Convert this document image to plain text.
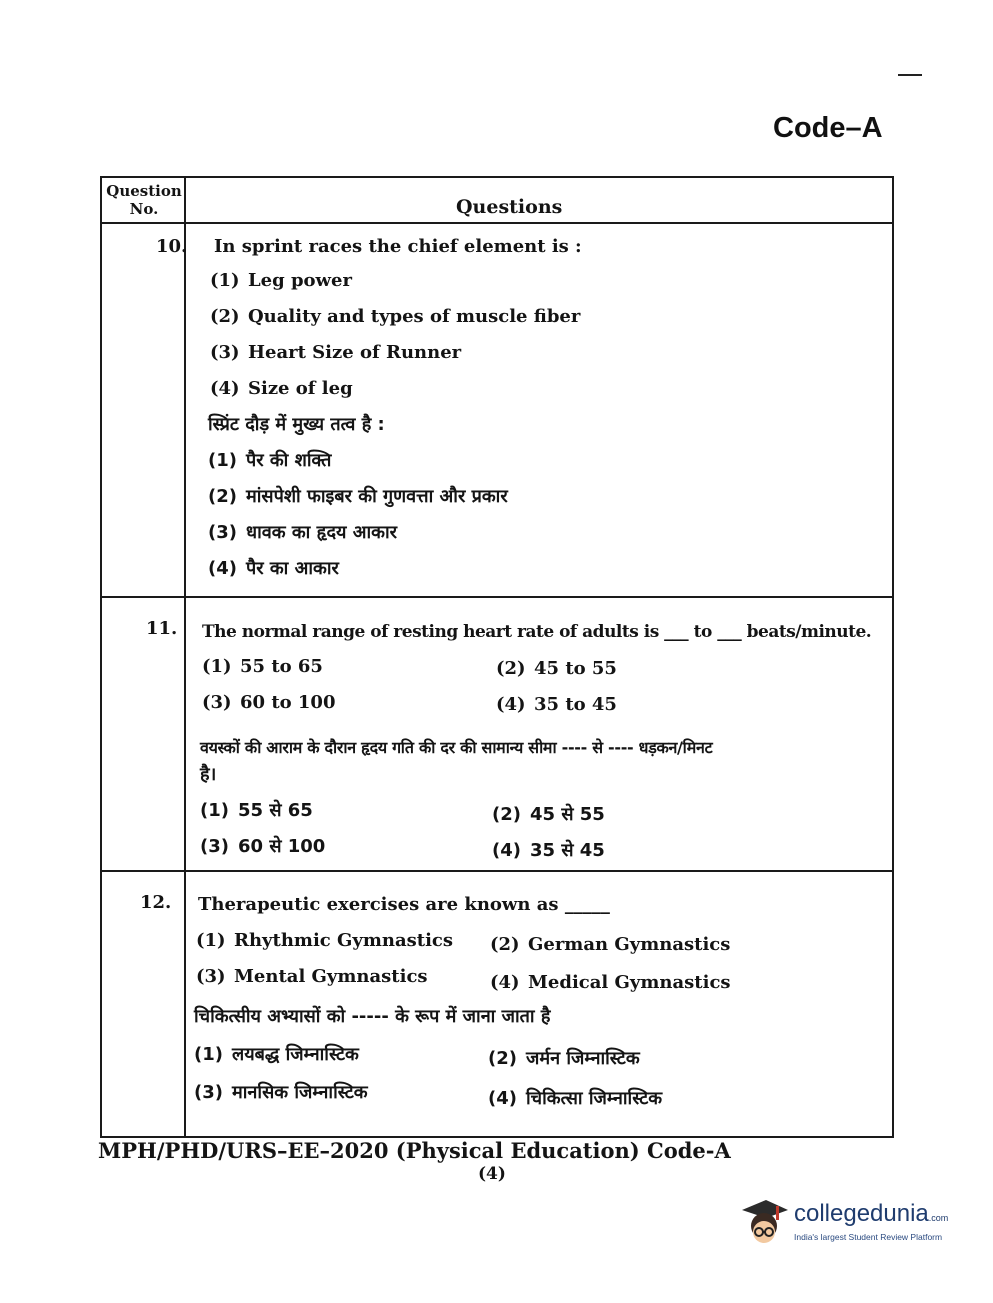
Code–A
Question No.	Questions
10. In sprint races the chief element is :
(1) Leg power
(2) Quality and types of muscle fiber
(3) Heart Size of Runner
(4) Size of leg
स्प्रिंट दौड़ में मुख्य तत्व है :
(1) पैर की शक्ति
(2) मांसपेशी फाइबर की गुणवत्ता और प्रकार
(3) धावक का हृदय आकार
(4) पैर का आकार
11. The normal range of resting heart rate of adults is ___ to ___ beats/minute.
(1) 55 to 65	(2) 45 to 55
(3) 60 to 100	(4) 35 to 45
वयस्कों की आराम के दौरान हृदय गति की दर की सामान्य सीमा ---- से ---- धड़कन/मिनट
है।
(1) 55 से 65	(2) 45 से 55
(3) 60 से 100	(4) 35 से 45
12. Therapeutic exercises are known as _____
(1) Rhythmic Gymnastics (2) German Gymnastics
(3) Mental Gymnastics	(4) Medical Gymnastics
चिकित्सीय अभ्यासों को ----- के रूप में जाना जाता है
(1) लयबद्ध जिम्नास्टिक	(2) जर्मन जिम्नास्टिक
(3) मानसिक जिम्नास्टिक	(4) चिकित्सा जिम्नास्टिक
MPH/PHD/URS–EE–2020 (Physical Education) Code-A
(4)
collegedunia.com
India's largest Student Review Platform
